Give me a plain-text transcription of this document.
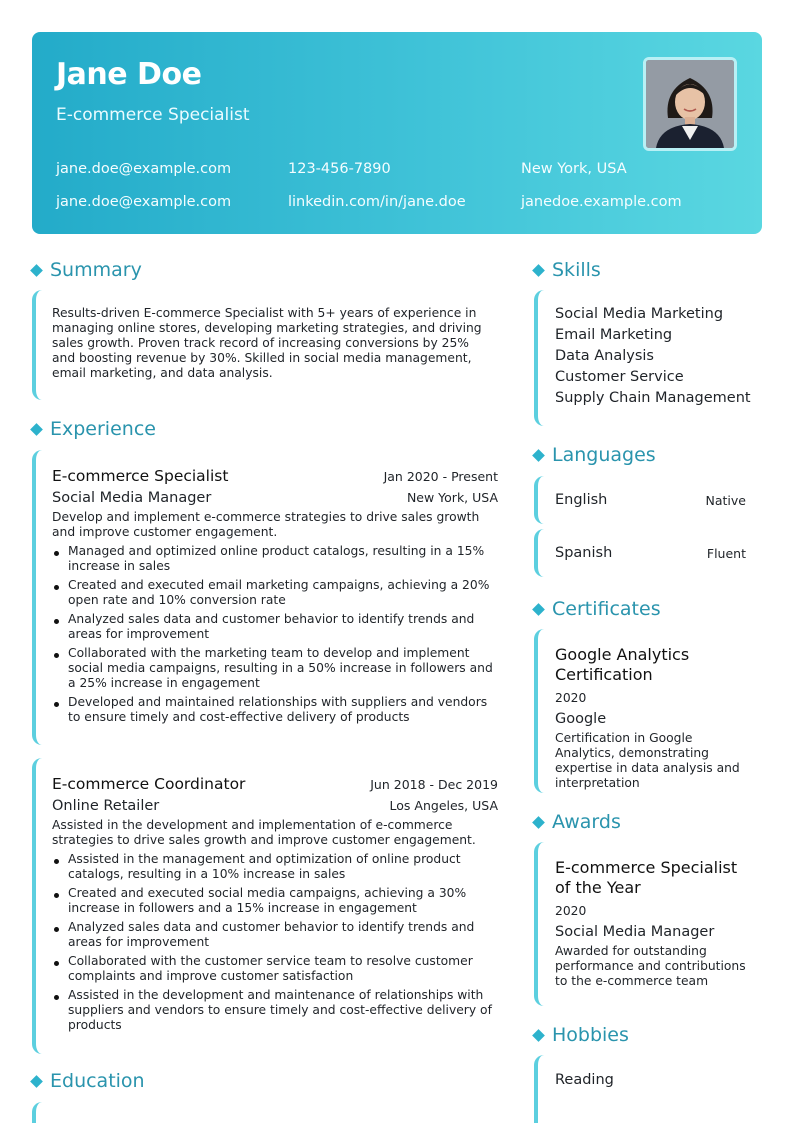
Jane Doe
E-commerce Specialist
jane.doe@example.com	123-456-7890	New York, USA
jane.doe@example.com	linkedin.com/in/jane.doe	janedoe.example.com
Summary
Results-driven E-commerce Specialist with 5+ years of experience in managing online stores, developing marketing strategies, and driving sales growth. Proven track record of increasing conversions by 25% and boosting revenue by 30%. Skilled in social media management, email marketing, and data analysis.
Experience
E-commerce Specialist	Jan 2020 - Present
Social Media Manager	New York, USA
Develop and implement e-commerce strategies to drive sales growth and improve customer engagement.
Managed and optimized online product catalogs, resulting in a 15% increase in sales
Created and executed email marketing campaigns, achieving a 20% open rate and 10% conversion rate
Analyzed sales data and customer behavior to identify trends and areas for improvement
Collaborated with the marketing team to develop and implement social media campaigns, resulting in a 50% increase in followers and a 25% increase in engagement
Developed and maintained relationships with suppliers and vendors to ensure timely and cost-effective delivery of products
E-commerce Coordinator	Jun 2018 - Dec 2019
Online Retailer	Los Angeles, USA
Assisted in the development and implementation of e-commerce strategies to drive sales growth and improve customer engagement.
Assisted in the management and optimization of online product catalogs, resulting in a 10% increase in sales
Created and executed social media campaigns, achieving a 30% increase in followers and a 15% increase in engagement
Analyzed sales data and customer behavior to identify trends and areas for improvement
Collaborated with the customer service team to resolve customer complaints and improve customer satisfaction
Assisted in the development and maintenance of relationships with suppliers and vendors to ensure timely and cost-effective delivery of products
Education
Skills
Social Media Marketing
Email Marketing
Data Analysis
Customer Service
Supply Chain Management
Languages
English	Native
Spanish	Fluent
Certificates
Google Analytics Certification
2020
Google
Certification in Google Analytics, demonstrating expertise in data analysis and interpretation
Awards
E-commerce Specialist of the Year
2020
Social Media Manager
Awarded for outstanding performance and contributions to the e-commerce team
Hobbies
Reading
